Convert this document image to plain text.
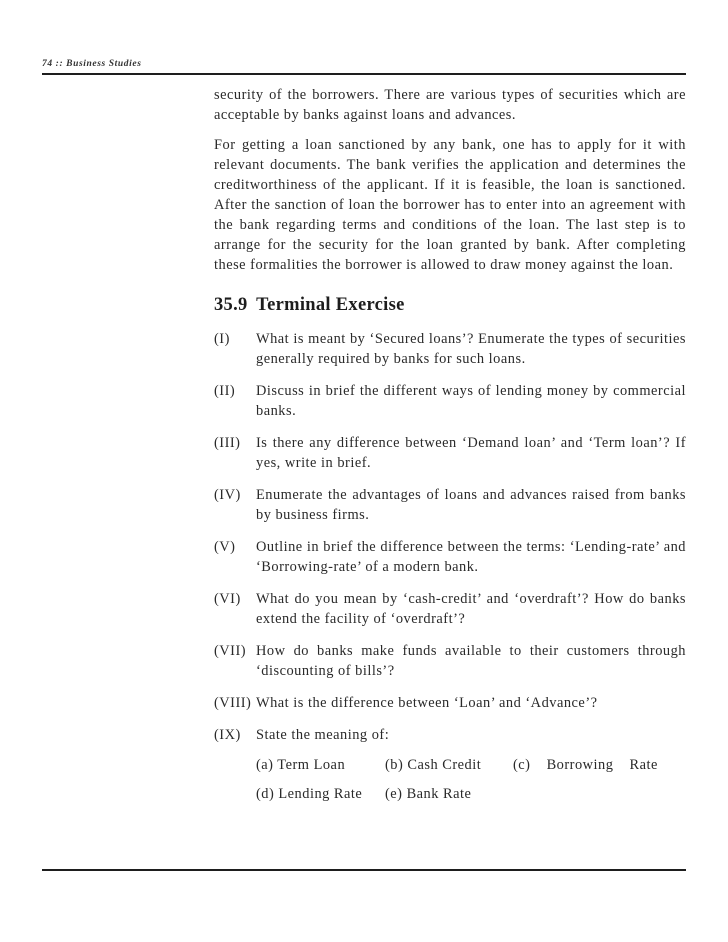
74 :: Business Studies

security of the borrowers. There are various types of securities which are acceptable by banks against loans and advances.

For getting a loan sanctioned by any bank, one has to apply for it with relevant documents. The bank verifies the application and determines the creditworthiness of the applicant. If it is feasible, the loan is sanctioned. After the sanction of loan the borrower has to enter into an agreement with the bank regarding terms and conditions of the loan. The last step is to arrange for the security for the loan granted by bank. After completing these formalities the borrower is allowed to draw money against the loan.

35.9 Terminal Exercise
(I) What is meant by ‘Secured loans’? Enumerate the types of securities generally required by banks for such loans.
(II) Discuss in brief the different ways of lending money by commercial banks.
(III) Is there any difference between ‘Demand loan’ and ‘Term loan’? If yes, write in brief.
(IV) Enumerate the advantages of loans and advances raised from banks by business firms.
(V) Outline in brief the difference between the terms: ‘Lending-rate’ and ‘Borrowing-rate’ of a modern bank.
(VI) What do you mean by ‘cash-credit’ and ‘overdraft’? How do banks extend the facility of ‘overdraft’?
(VII) How do banks make funds available to their customers through ‘discounting of bills’?
(VIII) What is the difference between ‘Loan’ and ‘Advance’?
(IX) State the meaning of:
(a) Term Loan	(b) Cash Credit (c) Borrowing Rate
(d) Lending Rate (e) Bank Rate
